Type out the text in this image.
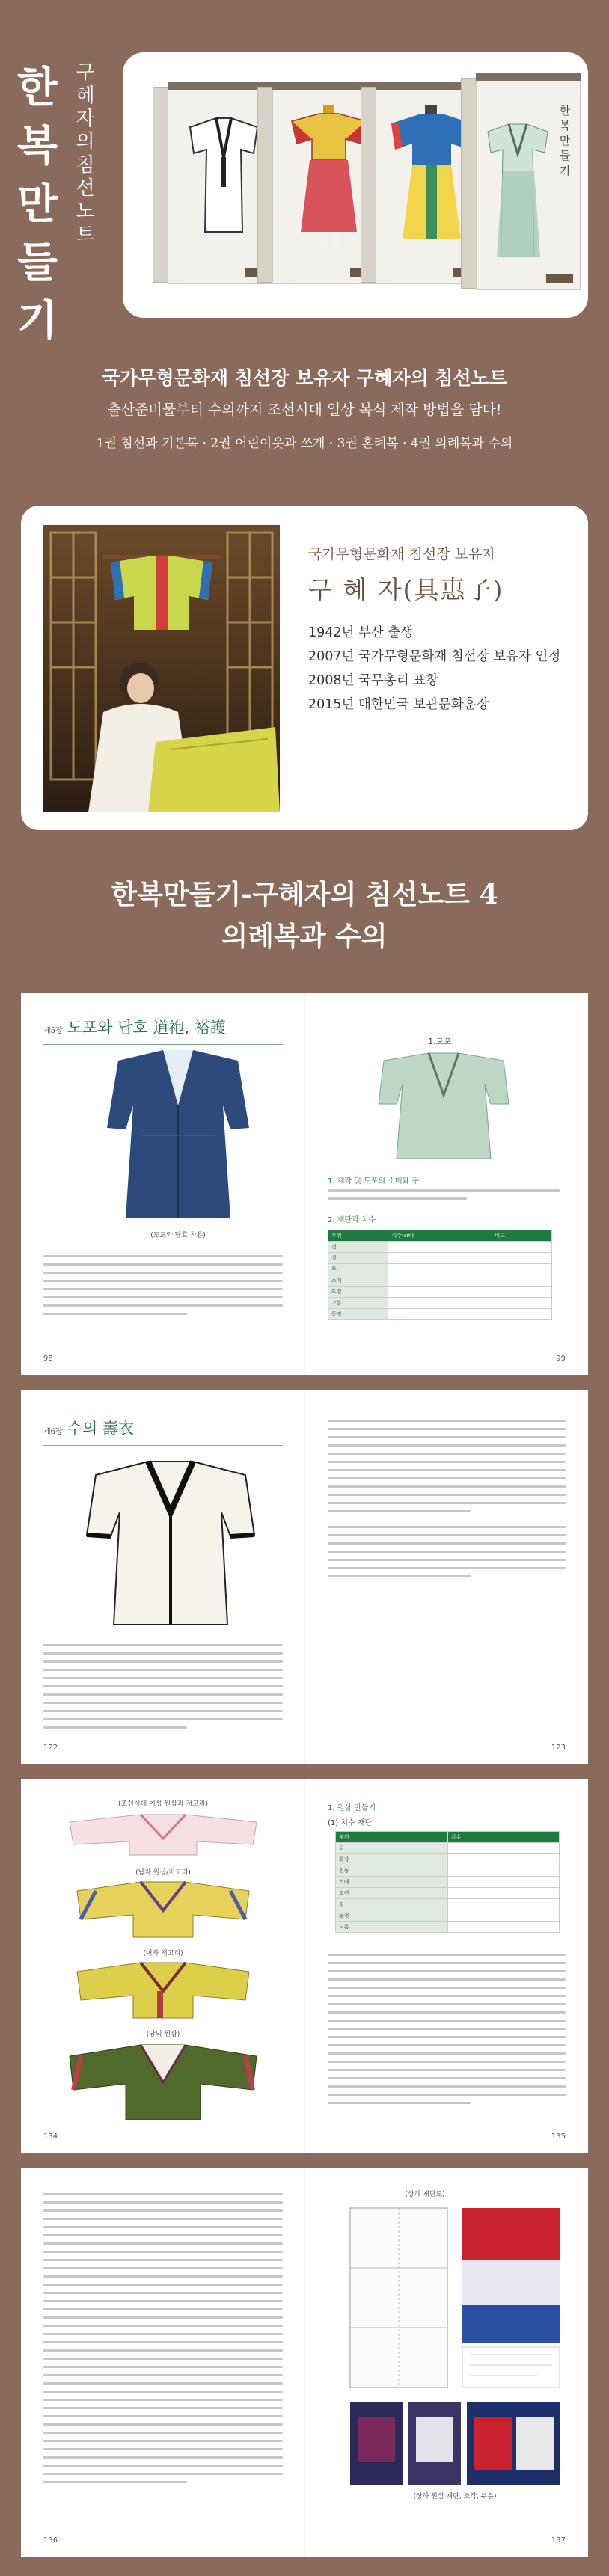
한
복
만
들
기
구
혜
자
의
침
선
노
트
한
복
만
들
기
국가무형문화재 침선장 보유자 구혜자의 침선노트
출산준비물부터 수의까지 조선시대 일상 복식 제작 방법을 담다!
1권 침선과 기본복 · 2권 어린이옷과 쓰개 · 3권 혼례복 · 4권 의례복과 수의
국가무형문화재 침선장 보유자
구 혜 자(具惠子)
1942년 부산 출생
2007년 국가무형문화재 침선장 보유자 인정
2008년 국무총리 표창
2015년 대한민국 보관문화훈장
한복만들기-구혜자의 침선노트 4
의례복과 수의
제5장 도포와 답호 道袍, 褡護
(도포와 답호 착용)
98
1.도포
1. 제작 및 도포의 소매와 무
2. 재단과 치수
부위	치수(cm)	비고
깃		
섶		
무		
소매		
도련		
고름		
동정		
99
제6장 수의 壽衣
122	123
(조선시대 여성 원삼과 저고리)
(남자 원삼/저고리)
(여자 저고리)
(당의 원삼)
134
1. 원삼 만들기
(1) 치수 재단
부위	치수
길	
화장	
진동	
소매	
도련	
깃	
동정	
고름	
135
136
(상하 재단도)
(상하 원삼 재단, 조각, 부분)
137
